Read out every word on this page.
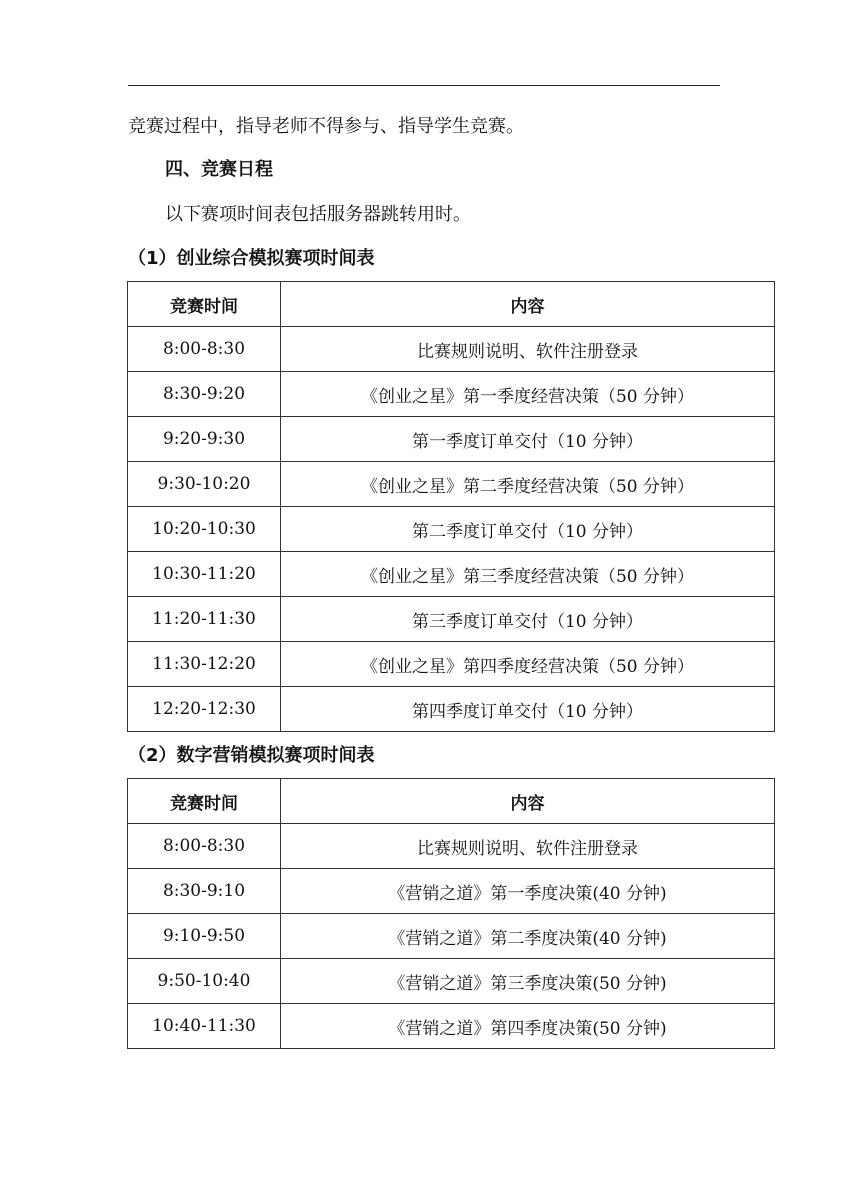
竞赛过程中，指导老师不得参与、指导学生竞赛。
四、竞赛日程
以下赛项时间表包括服务器跳转用时。
（1）创业综合模拟赛项时间表
竞赛时间	内容
8:00-8:30	比赛规则说明、软件注册登录
8:30-9:20	《创业之星》第一季度经营决策（50 分钟）
9:20-9:30	第一季度订单交付（10 分钟）
9:30-10:20	《创业之星》第二季度经营决策（50 分钟）
10:20-10:30	第二季度订单交付（10 分钟）
10:30-11:20	《创业之星》第三季度经营决策（50 分钟）
11:20-11:30	第三季度订单交付（10 分钟）
11:30-12:20	《创业之星》第四季度经营决策（50 分钟）
12:20-12:30	第四季度订单交付（10 分钟）
（2）数字营销模拟赛项时间表
竞赛时间	内容
8:00-8:30	比赛规则说明、软件注册登录
8:30-9:10	《营销之道》第一季度决策(40 分钟)
9:10-9:50	《营销之道》第二季度决策(40 分钟)
9:50-10:40	《营销之道》第三季度决策(50 分钟)
10:40-11:30	《营销之道》第四季度决策(50 分钟)
